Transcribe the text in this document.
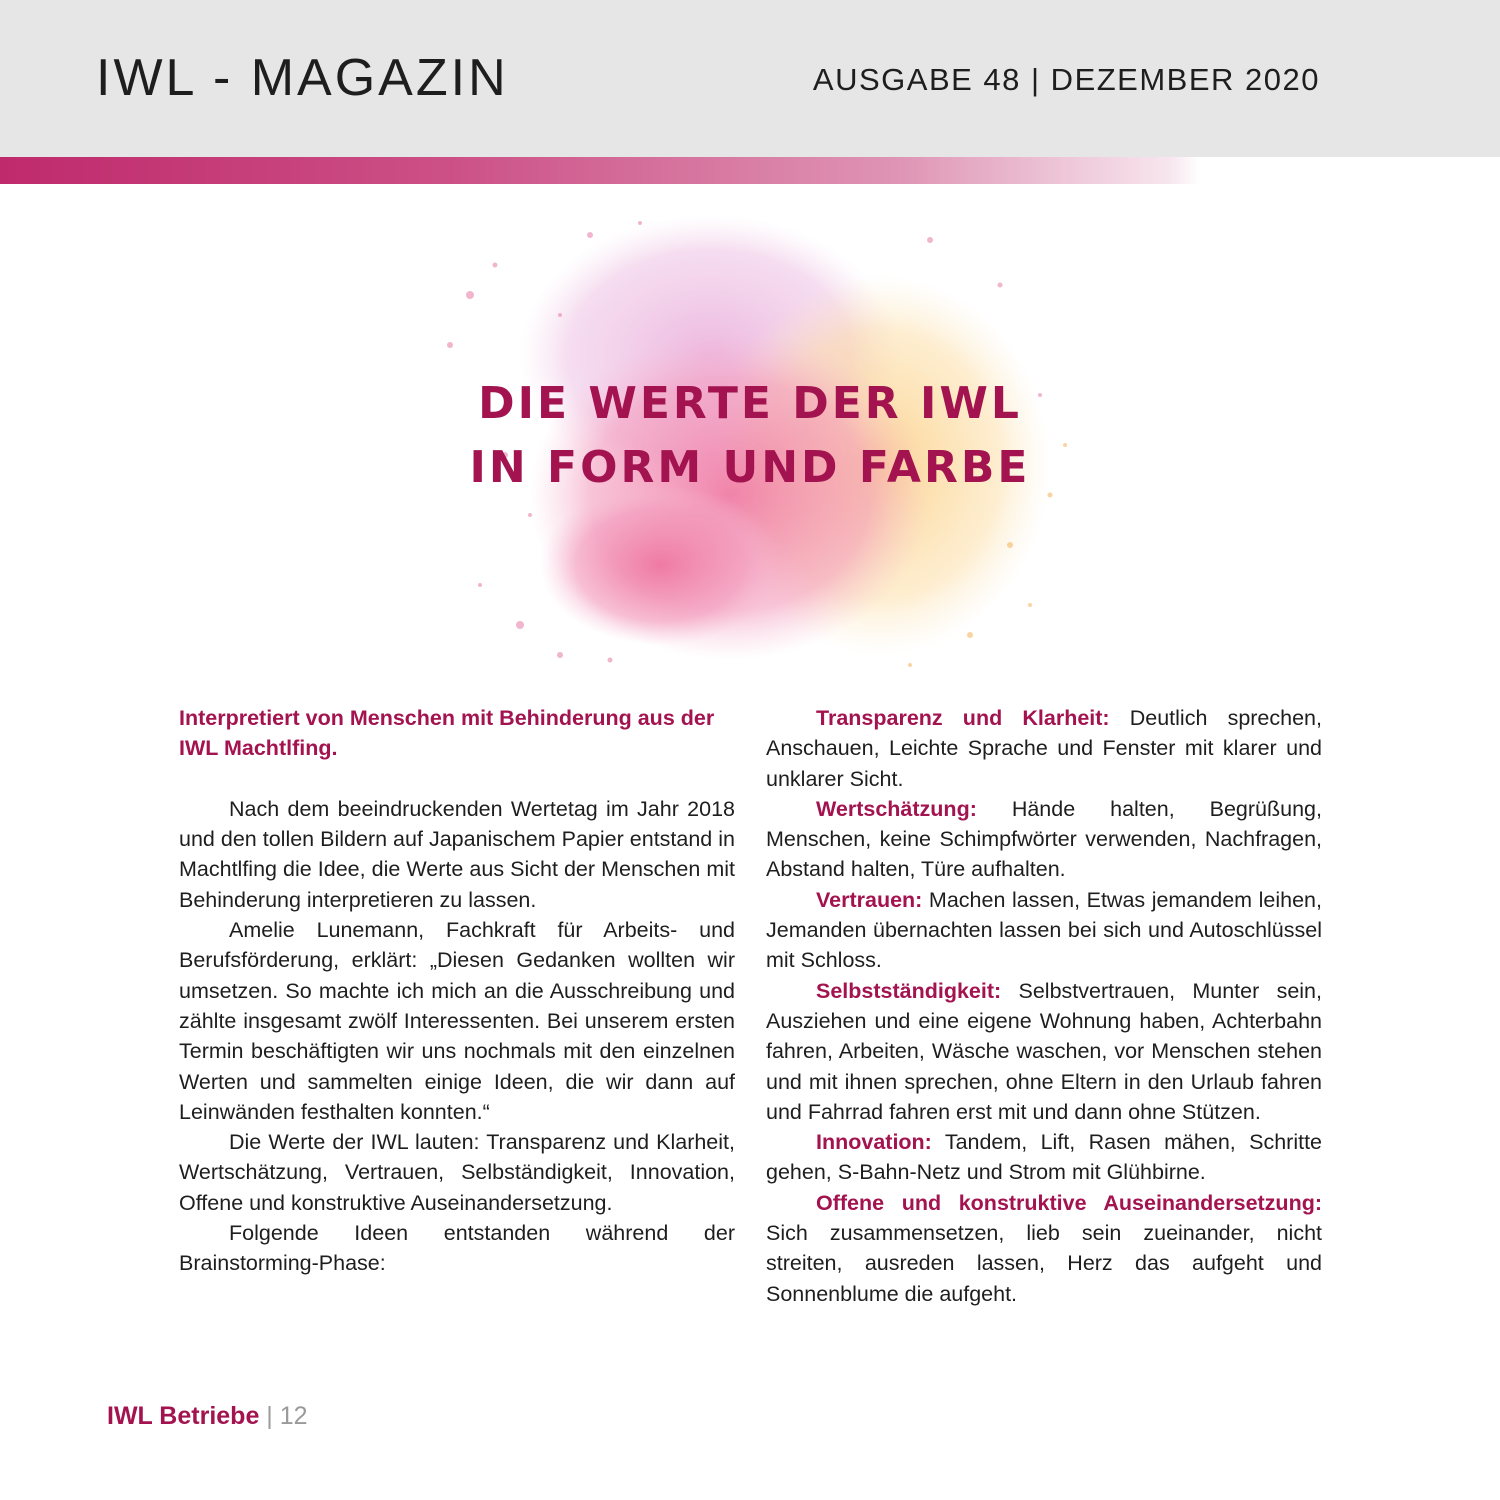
IWL - MAGAZIN	AUSGABE 48 | DEZEMBER 2020
DIE WERTE DER IWL
IN FORM UND FARBE

Interpretiert von Menschen mit Behinderung aus der IWL Machtlfing.

Nach dem beeindruckenden Wertetag im Jahr 2018 und den tollen Bildern auf Japanischem Papier entstand in Machtlfing die Idee, die Werte aus Sicht der Menschen mit Behinderung interpretieren zu lassen.

Amelie Lunemann, Fachkraft für Arbeits- und Berufsförderung, erklärt: „Diesen Gedanken wollten wir umsetzen. So machte ich mich an die Ausschreibung und zählte insgesamt zwölf Interessenten. Bei unserem ersten Termin beschäftigten wir uns nochmals mit den einzelnen Werten und sammelten einige Ideen, die wir dann auf Leinwänden festhalten konnten.“

Die Werte der IWL lauten: Transparenz und Klarheit, Wertschätzung, Vertrauen, Selbständigkeit, Innovation, Offene und konstruktive Auseinandersetzung.

Folgende Ideen entstanden während der Brainstorming-Phase:

Transparenz und Klarheit: Deutlich sprechen, Anschauen, Leichte Sprache und Fenster mit klarer und unklarer Sicht.

Wertschätzung: Hände halten, Begrüßung, Menschen, keine Schimpfwörter verwenden, Nachfragen, Abstand halten, Türe aufhalten.

Vertrauen: Machen lassen, Etwas jemandem leihen, Jemanden übernachten lassen bei sich und Autoschlüssel mit Schloss.

Selbstständigkeit: Selbstvertrauen, Munter sein, Ausziehen und eine eigene Wohnung haben, Achterbahn fahren, Arbeiten, Wäsche waschen, vor Menschen stehen und mit ihnen sprechen, ohne Eltern in den Urlaub fahren und Fahrrad fahren erst mit und dann ohne Stützen.

Innovation: Tandem, Lift, Rasen mähen, Schritte gehen, S-Bahn-Netz und Strom mit Glühbirne.

Offene und konstruktive Auseinandersetzung: Sich zusammensetzen, lieb sein zueinander, nicht streiten, ausreden lassen, Herz das aufgeht und Sonnenblume die aufgeht.

IWL Betriebe | 12
